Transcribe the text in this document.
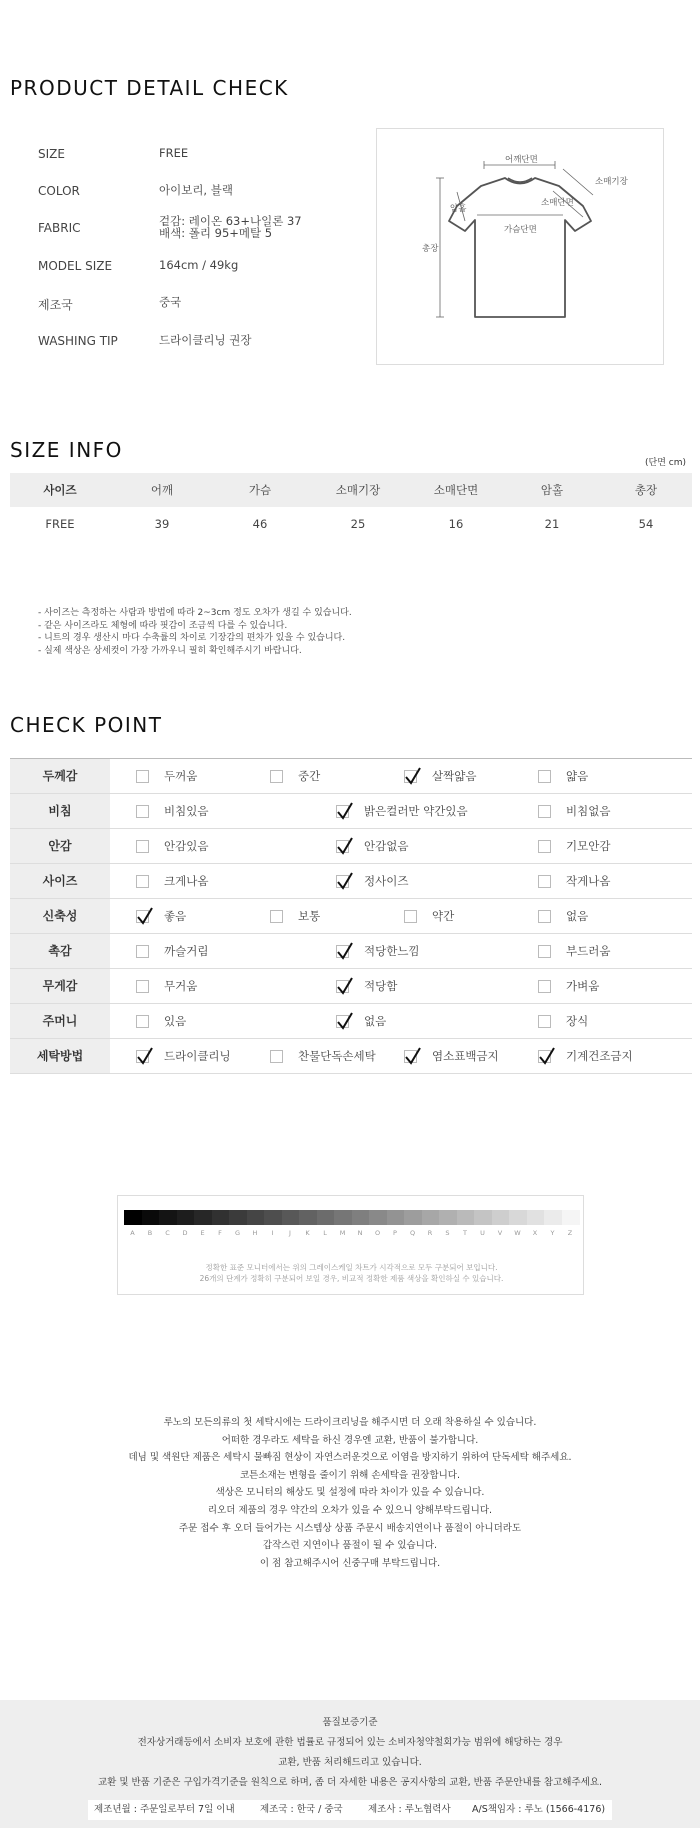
PRODUCT DETAIL CHECK
SIZE	FREE
COLOR	아이보리, 블랙
FABRIC	겉감: 레이온 63+나일론 37
배색: 폴리 95+메탈 5
MODEL SIZE	164cm / 49kg
제조국	중국
WASHING TIP	드라이클리닝 권장
어깨단면
소매기장
암홀
소매단면
가슴단면
총장
SIZE INFO
(단면 cm)
사이즈	어깨	가슴	소매기장	소매단면	암홀	총장
FREE	39	46	25	16	21	54

- 사이즈는 측정하는 사람과 방법에 따라 2~3cm 정도 오차가 생길 수 있습니다.

- 같은 사이즈라도 체형에 따라 핏감이 조금씩 다를 수 있습니다.

- 니트의 경우 생산시 마다 수축률의 차이로 기장감의 편차가 있을 수 있습니다.

- 실제 색상은 상세컷이 가장 가까우니 필히 확인해주시기 바랍니다.

CHECK POINT
두께감	두꺼움	중간	살짝얇음	얇음
비침	비침있음	밝은컬러만 약간있음	비침없음
안감	안감있음	안감없음	기모안감
사이즈	크게나옴	정사이즈	작게나옴
신축성	좋음	보통	약간	없음
촉감	까슬거림	적당한느낌	부드러움
무게감	무거움	적당함	가벼움
주머니	있음	없음	장식
세탁방법	드라이클리닝	찬물단독손세탁	염소표백금지	기계건조금지
A	B	C	D	E	F	G	H	I	J	K	L	M	N	O	P	Q	R	S	T	U	V	W	X	Y	Z

정확한 표준 모니터에서는 위의 그레이스케일 차트가 시각적으로 모두 구분되어 보입니다.

26개의 단계가 정확히 구분되어 보일 경우, 비교적 정확한 제품 색상을 확인하실 수 있습니다.

루노의 모든의류의 첫 세탁시에는 드라이크리닝을 해주시면 더 오래 착용하실 수 있습니다.

어떠한 경우라도 세탁을 하신 경우엔 교환, 반품이 불가합니다.

데님 및 색원단 제품은 세탁시 물빠짐 현상이 자연스러운것으로 이염을 방지하기 위하여 단독세탁 해주세요.

코튼소재는 변형을 줄이기 위해 손세탁을 권장합니다.

색상은 모니터의 해상도 및 설정에 따라 차이가 있을 수 있습니다.

리오더 제품의 경우 약간의 오차가 있을 수 있으니 양해부탁드립니다.

주문 접수 후 오더 들어가는 시스템상 상품 주문시 배송지연이나 품절이 아니더라도

갑작스런 지연이나 품절이 될 수 있습니다.

이 점 참고해주시어 신중구매 부탁드립니다.

품질보증기준

전자상거래등에서 소비자 보호에 관한 법률로 규정되어 있는 소비자청약철회가능 범위에 해당하는 경우

교환, 반품 처리해드리고 있습니다.

교환 및 반품 기준은 구입가격기준을 원칙으로 하며, 좀 더 자세한 내용은 공지사항의 교환, 반품 주문안내를 참고해주세요.

제조년월 : 주문일로부터 7일 이내	제조국 : 한국 / 중국	제조사 : 루노협력사 A/S책임자 : 루노 (1566-4176)
